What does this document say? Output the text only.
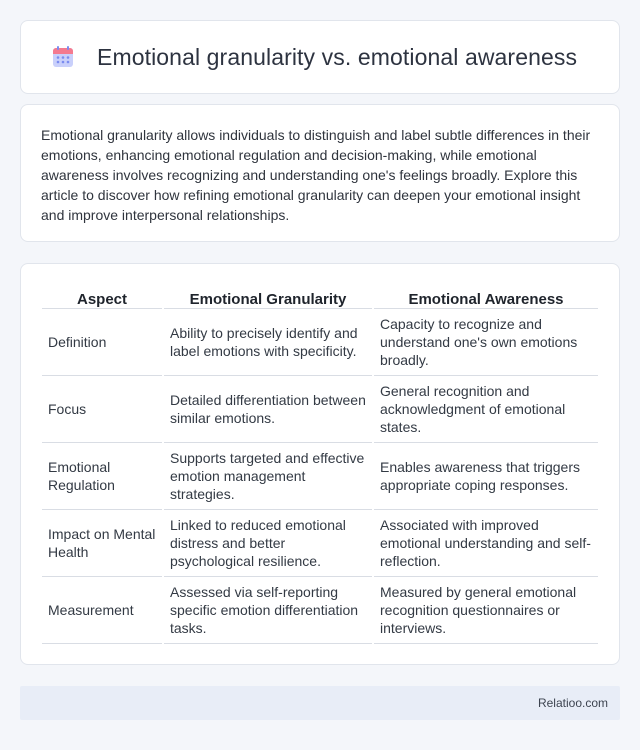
Emotional granularity vs. emotional awareness

Emotional granularity allows individuals to distinguish and label subtle differences in their emotions, enhancing emotional regulation and decision-making, while emotional awareness involves recognizing and understanding one's feelings broadly. Explore this article to discover how refining emotional granularity can deepen your emotional insight and improve interpersonal relationships.

Aspect	Emotional Granularity	Emotional Awareness
Definition	Ability to precisely identify and label emotions with specificity.	Capacity to recognize and understand one's own emotions broadly.
Focus	Detailed differentiation between similar emotions.	General recognition and acknowledgment of emotional states.
Emotional Regulation	Supports targeted and effective emotion management strategies.	Enables awareness that triggers appropriate coping responses.
Impact on Mental Health	Linked to reduced emotional distress and better psychological resilience.	Associated with improved emotional understanding and self-reflection.
Measurement	Assessed via self-reporting specific emotion differentiation tasks.	Measured by general emotional recognition questionnaires or interviews.
Relatioo.com
